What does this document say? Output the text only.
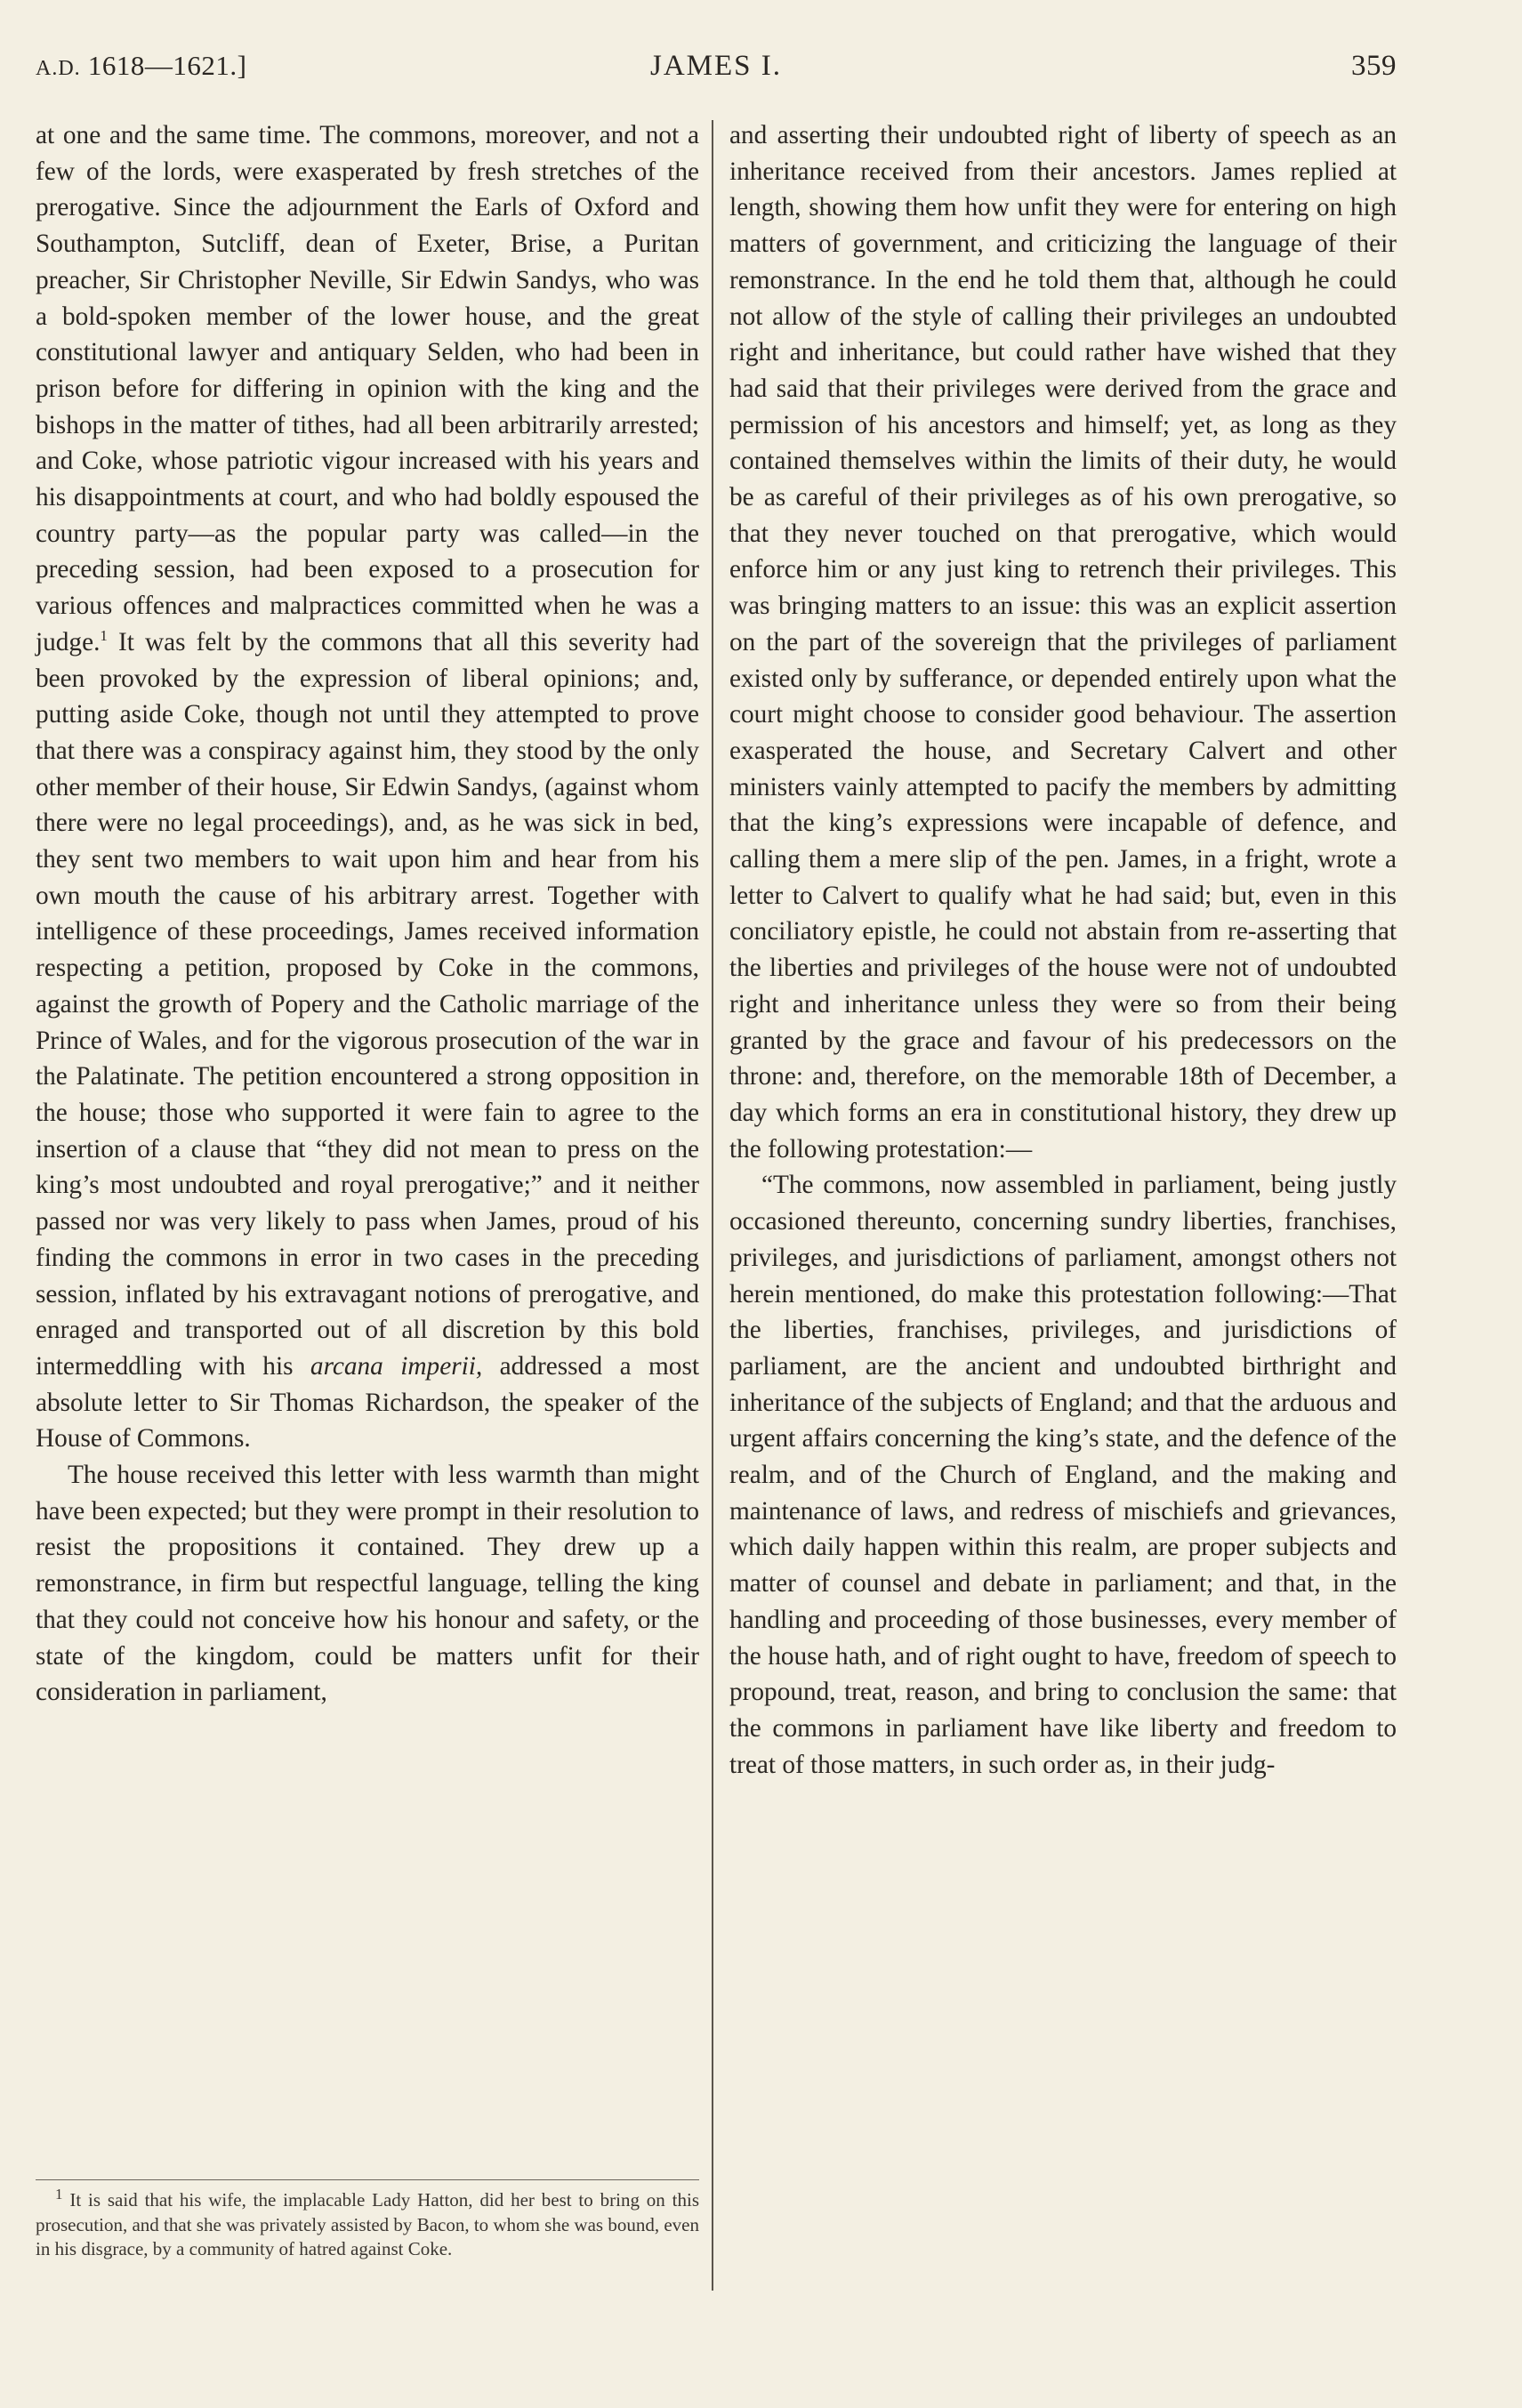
A.D. 1618—1621.]	JAMES I.	359

at one and the same time. The commons, moreover, and not a few of the lords, were exasperated by fresh stretches of the prerogative. Since the adjournment the Earls of Oxford and Southampton, Sutcliff, dean of Exeter, Brise, a Puritan preacher, Sir Christopher Neville, Sir Edwin Sandys, who was a bold-spoken member of the lower house, and the great constitutional lawyer and antiquary Selden, who had been in prison before for differing in opinion with the king and the bishops in the matter of tithes, had all been arbitrarily arrested; and Coke, whose patriotic vigour increased with his years and his disappointments at court, and who had boldly espoused the country party—as the popular party was called—in the preceding session, had been exposed to a prosecution for various offences and malpractices committed when he was a judge.$^1$ It was felt by the commons that all this severity had been provoked by the expression of liberal opinions; and, putting aside Coke, though not until they attempted to prove that there was a conspiracy against him, they stood by the only other member of their house, Sir Edwin Sandys, (against whom there were no legal proceedings), and, as he was sick in bed, they sent two members to wait upon him and hear from his own mouth the cause of his arbitrary arrest. Together with intelligence of these proceedings, James received information respecting a petition, proposed by Coke in the commons, against the growth of Popery and the Catholic marriage of the Prince of Wales, and for the vigorous prosecution of the war in the Palatinate. The petition encountered a strong opposition in the house; those who supported it were fain to agree to the insertion of a clause that “they did not mean to press on the king’s most undoubted and royal prerogative;” and it neither passed nor was very likely to pass when James, proud of his finding the commons in error in two cases in the preceding session, inflated by his extravagant notions of prerogative, and enraged and transported out of all discretion by this bold intermeddling with his arcana imperii, addressed a most absolute letter to Sir Thomas Richardson, the speaker of the House of Commons.

The house received this letter with less warmth than might have been expected; but they were prompt in their resolution to resist the propositions it contained. They drew up a remonstrance, in firm but respectful language, telling the king that they could not conceive how his honour and safety, or the state of the kingdom, could be matters unfit for their consideration in parliament,

and asserting their undoubted right of liberty of speech as an inheritance received from their ancestors. James replied at length, showing them how unfit they were for entering on high matters of government, and criticizing the language of their remonstrance. In the end he told them that, although he could not allow of the style of calling their privileges an undoubted right and inheritance, but could rather have wished that they had said that their privileges were derived from the grace and permission of his ancestors and himself; yet, as long as they contained themselves within the limits of their duty, he would be as careful of their privileges as of his own prerogative, so that they never touched on that prerogative, which would enforce him or any just king to retrench their privileges. This was bringing matters to an issue: this was an explicit assertion on the part of the sovereign that the privileges of parliament existed only by sufferance, or depended entirely upon what the court might choose to consider good behaviour. The assertion exasperated the house, and Secretary Calvert and other ministers vainly attempted to pacify the members by admitting that the king’s expressions were incapable of defence, and calling them a mere slip of the pen. James, in a fright, wrote a letter to Calvert to qualify what he had said; but, even in this conciliatory epistle, he could not abstain from re-asserting that the liberties and privileges of the house were not of undoubted right and inheritance unless they were so from their being granted by the grace and favour of his predecessors on the throne: and, therefore, on the memorable 18th of December, a day which forms an era in constitutional history, they drew up the following protestation:—

“The commons, now assembled in parliament, being justly occasioned thereunto, concerning sundry liberties, franchises, privileges, and jurisdictions of parliament, amongst others not herein mentioned, do make this protestation following:—That the liberties, franchises, privileges, and jurisdictions of parliament, are the ancient and undoubted birthright and inheritance of the subjects of England; and that the arduous and urgent affairs concerning the king’s state, and the defence of the realm, and of the Church of England, and the making and maintenance of laws, and redress of mischiefs and grievances, which daily happen within this realm, are proper subjects and matter of counsel and debate in parliament; and that, in the handling and proceeding of those businesses, every member of the house hath, and of right ought to have, freedom of speech to propound, treat, reason, and bring to conclusion the same: that the commons in parliament have like liberty and freedom to treat of those matters, in such order as, in their judg-

$^1$ It is said that his wife, the implacable Lady Hatton, did her best to bring on this prosecution, and that she was privately assisted by Bacon, to whom she was bound, even in his disgrace, by a community of hatred against Coke.
